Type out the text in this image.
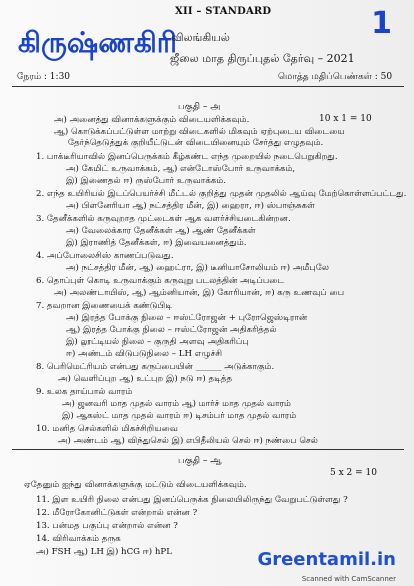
XII – STANDARD	1
கிருஷ்ணகிரி
விலங்கியல்
ஜீலை மாத திருப்புதல் தேர்வு – 2021
நேரம் : 1:30	மொத்த மதிப்பெண்கள் : 50
பகுதி – அ
அ) அனைத்து வினாக்களுக்கும் விடையளிக்கவும்.	10 x 1 = 10
ஆ) கொடுக்கப்பட்டுள்ள மாற்று விடைகளில் மிகவும் ஏற்புடைய விடையை
தேர்ந்தெடுத்துக் குறியீட்டுடன் விடையினையும் சேர்த்து எழுதவும்.
1. பாக்டீரியாவில் இனப்பெருக்கம் கீழ்கண்ட எந்த முறையில் நடைபெறுகிறது.
அ) கேமிட் உருவாக்கம், ஆ) என்டோஸ்போர் உருவாக்கம்,
இ) இணைதல் ஈ) ருஸ்போர் உருவாக்கம்.
2. எந்த உயிரியல் இடப்பெயர்ச்சி மீட்டல் குறித்து முதன் முதலில் ஆய்வு மேற்கொள்ளப்பட்டது.
அ) பிளனேரியா ஆ) நட்சத்திர மீன், இ) ஹைரா, ஈ) ஸ்பாஞ்சுகள்
3. தேனீக்களில் கருவுறாத முட்டைகள் ஆக வளர்ச்சியடைகின்றன.
அ) வேலைக்கார தேனீக்கள் ஆ) ஆண் தேனீக்கள்
இ) இராணித் தேனீக்கள், ஈ) இவையனைத்தும்.
4. அப்போலைசிஸ் காணப்படுவது.
அ) நட்சத்திர மீன், ஆ) ஹைட்ரா, இ) டீனியாசோலியம் ஈ) அமீபுலே
6. தொப்புள் கொடி உருவாக்கும் கருவுறு படலத்தின் அடிப்படை
அ) அலண்டாயிஸ், ஆ) ஆம்னியான், இ) கோரியான், ஈ) கரு உணவுப் பை
7. தவறான இணையைக் கண்டுபிடி
அ) இரத்த போக்கு நிலை – ஈஸ்ட்ரோஜன் + புரோஜெஸ்டிரான்
ஆ) இரத்த போக்கு நிலை – ஈஸ்ட்ரோஜன் அதிகரித்தல்
இ) லூட்டியல் நிலை – குருதி அளவு அதிகரிப்பு
ஈ) அண்டம் விடுபடுநிலை – LH எழுச்சி
8. பெரிமெட்ரியம் என்பது கருப்பையின் ______ அடுக்காகும்.
அ) வெளிப்புற ஆ) உட்புற இ) நடு ஈ) தடித்த
9. உலக தாய்பால் வாரம்
அ) ஜனவரி மாத முதல் வாரம் ஆ) மார்ச் மாத முதல் வாரம்
இ) ஆகஸ்ட் மாத முதல் வாரம் ஈ) டிசம்பர் மாத முதல் வாரம்
10. மனித செல்களில் மிகச்சிறியவை
அ) அண்டம் ஆ) விந்துசெல் இ) எபிதீலியல் செல் ஈ) நண்பை செல்
பகுதி – ஆ
5 x 2 = 10
ஏதேனும் ஐந்து வினாக்களுக்கு மட்டும் விடையளிக்கவும்.
11. இள உயிரி நிலை என்பது இனப்பெருக்க நிலையிலிருந்து வேறுபட்டுள்ளது ?
12. மீரோகோனிட்டுகள் என்றால் என்ன ?
13. பன்மத பகுப்பு என்றால் என்ன ?
14. விரிவாக்கம் தருக
அ) FSH ஆ) LH இ) hCG ஈ) hPL	Greentamil.in
Scanned with CamScanner
